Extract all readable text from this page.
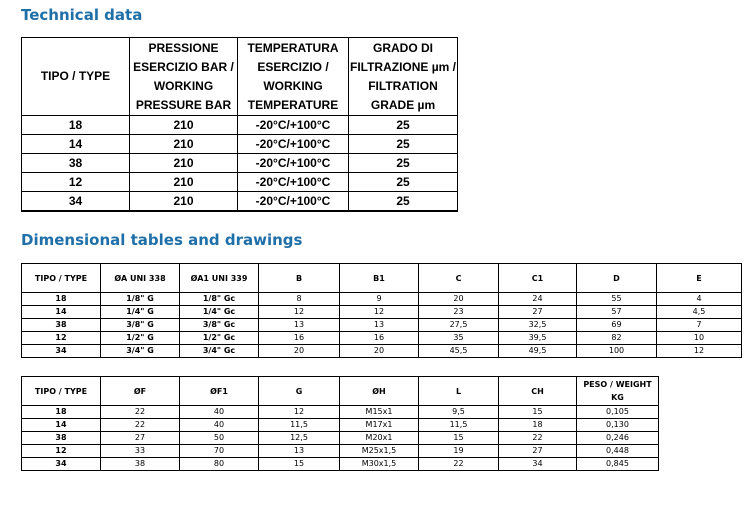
Technical data
TIPO / TYPE	PRESSIONE ESERCIZIO BAR / WORKING PRESSURE BAR	TEMPERATURA ESERCIZIO / WORKING TEMPERATURE	GRADO DI FILTRAZIONE µm / FILTRATION GRADE µm
18	210	-20°C/+100°C	25
14	210	-20°C/+100°C	25
38	210	-20°C/+100°C	25
12	210	-20°C/+100°C	25
34	210	-20°C/+100°C	25
Dimensional tables and drawings
TIPO / TYPE	ØA UNI 338	ØA1 UNI 339	B	B1	C	C1	D	E
18	1/8" G	1/8" Gc	8	9	20	24	55	4
14	1/4" G	1/4" Gc	12	12	23	27	57	4,5
38	3/8" G	3/8" Gc	13	13	27,5	32,5	69	7
12	1/2" G	1/2" Gc	16	16	35	39,5	82	10
34	3/4" G	3/4" Gc	20	20	45,5	49,5	100	12
TIPO / TYPE	ØF	ØF1	G	ØH	L	CH	PESO / WEIGHT KG
18	22	40	12	M15x1	9,5	15	0,105
14	22	40	11,5	M17x1	11,5	18	0,130
38	27	50	12,5	M20x1	15	22	0,246
12	33	70	13	M25x1,5	19	27	0,448
34	38	80	15	M30x1,5	22	34	0,845
